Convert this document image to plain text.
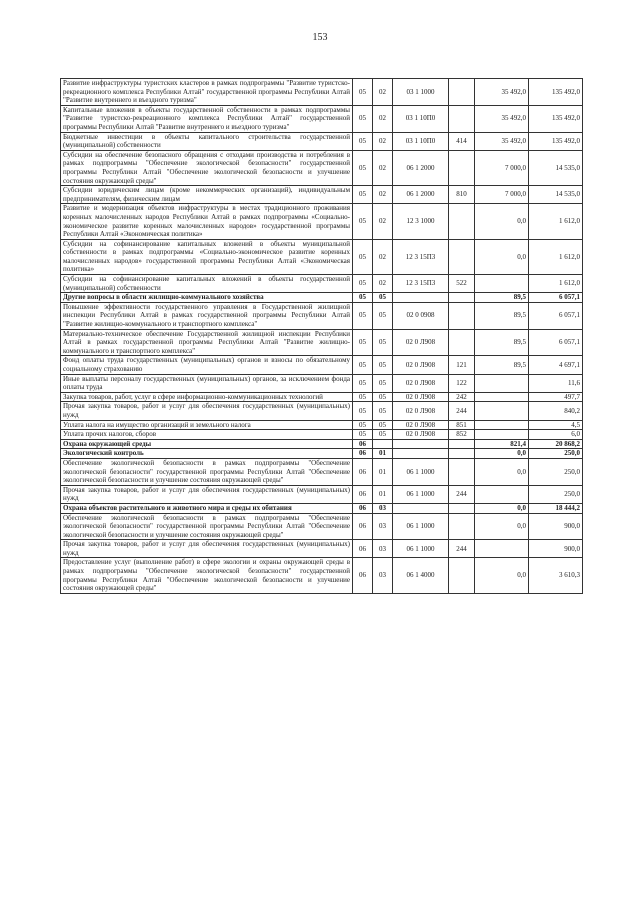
153
Развитие инфраструктуры туристских кластеров в рамках подпрограммы "Развитие туристско-рекреационного комплекса Республики Алтай" государственной программы Республики Алтай "Развитие внутреннего и въездного туризма"	05	02	03 1 1000		35 492,0	135 492,0
Капитальные вложения в объекты государственной собственности в рамках подпрограммы "Развитие туристско-рекреационного комплекса Республики Алтай" государственной программы Республики Алтай "Развитие внутреннего и въездного туризма"	05	02	03 1 10П0		35 492,0	135 492,0
Бюджетные инвестиции в объекты капитального строительства государственной (муниципальной) собственности	05	02	03 1 10П0	414	35 492,0	135 492,0
Субсидии на обеспечение безопасного обращения с отходами производства и потребления в рамках подпрограммы "Обеспечение экологической безопасности" государственной программы Республики Алтай "Обеспечение экологической безопасности и улучшение состояния окружающей среды"	05	02	06 1 2000		7 000,0	14 535,0
Субсидии юридическим лицам (кроме некоммерческих организаций), индивидуальным предпринимателям, физическим лицам	05	02	06 1 2000	810	7 000,0	14 535,0
Развитие и модернизация объектов инфраструктуры в местах традиционного проживания коренных малочисленных народов Республики Алтай в рамках подпрограммы «Социально-экономическое развитие коренных малочисленных народов» государственной программы Республики Алтай «Экономическая политика»	05	02	12 3 1000		0,0	1 612,0
Субсидии на софинансирование капитальных вложений в объекты муниципальной собственности в рамках подпрограммы «Социально-экономическое развитие коренных малочисленных народов» государственной программы Республики Алтай «Экономическая политика»	05	02	12 3 15П3		0,0	1 612,0
Субсидии на софинансирование капитальных вложений в объекты государственной (муниципальной) собственности	05	02	12 3 15П3	522		1 612,0
Другие вопросы в области жилищно-коммунального хозяйства	05	05			89,5	6 057,1
Повышение эффективности государственного управления в Государственной жилищной инспекции Республики Алтай в рамках государственной программы Республики Алтай "Развитие жилищно-коммунального и транспортного комплекса"	05	05	02 0 0908		89,5	6 057,1
Материально-техническое обеспечение Государственной жилищной инспекции Республики Алтай в рамках государственной программы Республики Алтай "Развитие жилищно-коммунального и транспортного комплекса"	05	05	02 0 Л908		89,5	6 057,1
Фонд оплаты труда государственных (муниципальных) органов и взносы по обязательному социальному страхованию	05	05	02 0 Л908	121	89,5	4 697,1
Иные выплаты персоналу государственных (муниципальных) органов, за исключением фонда оплаты труда	05	05	02 0 Л908	122		11,6
Закупка товаров, работ, услуг в сфере информационно-коммуникационных технологий	05	05	02 0 Л908	242		497,7
Прочая закупка товаров, работ и услуг для обеспечения государственных (муниципальных) нужд	05	05	02 0 Л908	244		840,2
Уплата налога на имущество организаций и земельного налога	05	05	02 0 Л908	851		4,5
Уплата прочих налогов, сборов	05	05	02 0 Л908	852		6,0
Охрана окружающей среды	06				821,4	20 868,2
Экологический контроль	06	01			0,0	250,0
Обеспечение экологической безопасности в рамках подпрограммы "Обеспечение экологической безопасности" государственной программы Республики Алтай "Обеспечение экологической безопасности и улучшение состояния окружающей среды"	06	01	06 1 1000		0,0	250,0
Прочая закупка товаров, работ и услуг для обеспечения государственных (муниципальных) нужд	06	01	06 1 1000	244		250,0
Охрана объектов растительного и животного мира и среды их обитания	06	03			0,0	18 444,2
Обеспечение экологической безопасности в рамках подпрограммы "Обеспечение экологической безопасности" государственной программы Республики Алтай "Обеспечение экологической безопасности и улучшение состояния окружающей среды"	06	03	06 1 1000		0,0	900,0
Прочая закупка товаров, работ и услуг для обеспечения государственных (муниципальных) нужд	06	03	06 1 1000	244		900,0
Предоставление услуг (выполнение работ) в сфере экологии и охраны окружающей среды в рамках подпрограммы "Обеспечение экологической безопасности" государственной программы Республики Алтай "Обеспечение экологической безопасности и улучшение состояния окружающей среды"	06	03	06 1 4000		0,0	3 610,3
